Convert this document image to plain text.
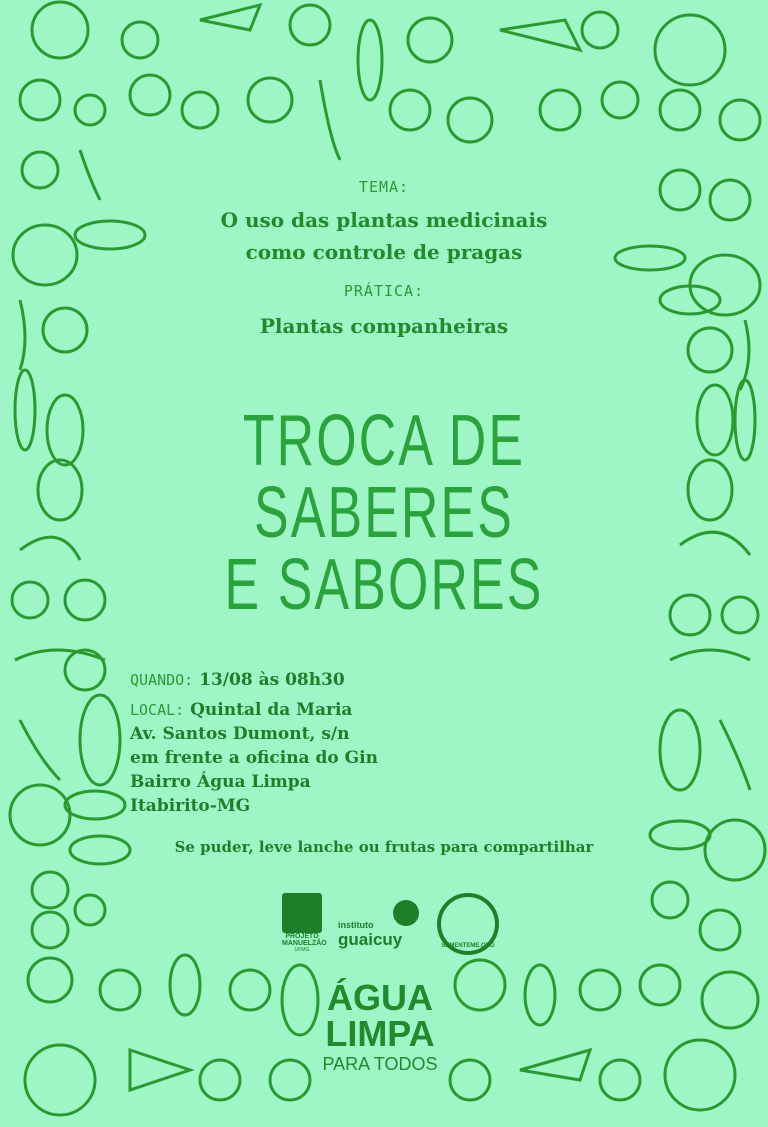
TEMA:
O uso das plantas medicinais
como controle de pragas
PRÁTICA:
Plantas companheiras
TROCA DE
SABERES
E SABORES
QUANDO: 13/08 às 08h30
LOCAL: Quintal da Maria
Av. Santos Dumont, s/n
em frente a oficina do Gin
Bairro Água Limpa
Itabirito-MG
Se puder, leve lanche ou frutas para compartilhar
PROJETO
MANUELZÃO
UFMG
instituto
guaicuy	SEMENTEME.ORG
ÁGUA
LIMPA
PARA TODOS
